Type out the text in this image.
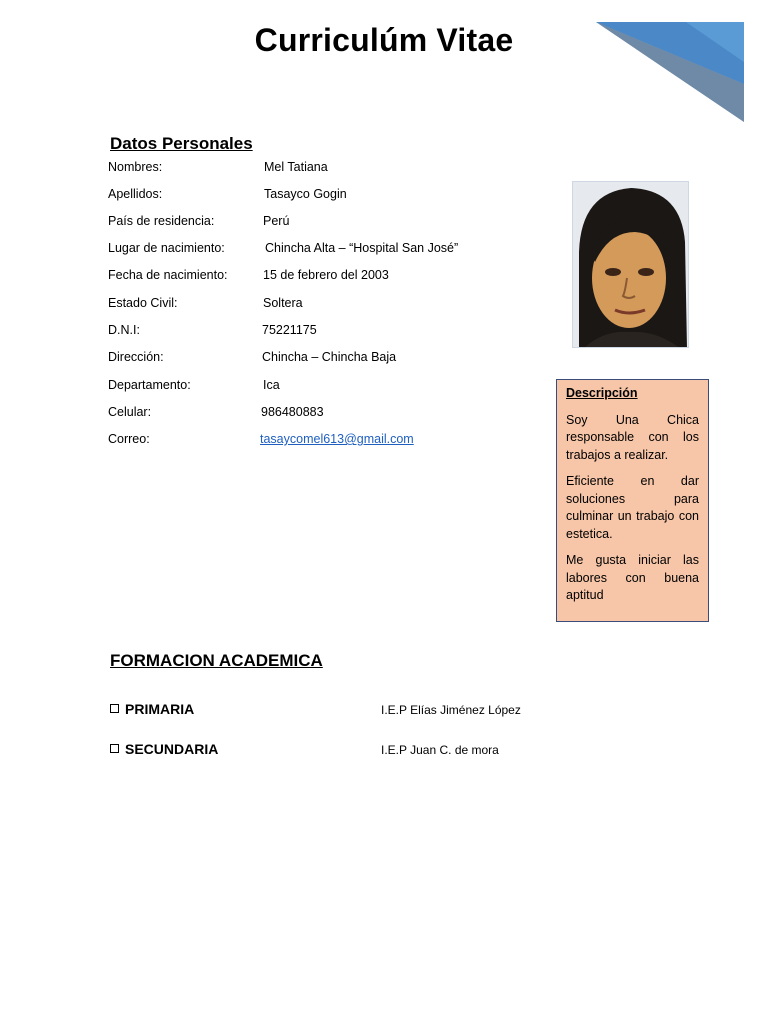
Curriculúm Vitae
Datos Personales
Nombres:	Mel Tatiana
Apellidos:	Tasayco Gogin
País de residencia:	Perú
Lugar de nacimiento:	Chincha Alta – “Hospital San José”
Fecha de nacimiento:	15 de febrero del 2003
Estado Civil:	Soltera
D.N.I:	75221175
Dirección:	Chincha – Chincha Baja
Departamento:	Ica
Celular:	986480883
Correo:	tasaycomel613@gmail.com
Descripción

Soy Una Chica responsable con los trabajos a realizar.

Eficiente en dar soluciones para culminar un trabajo con estetica.

Me gusta iniciar las labores con buena aptitud

FORMACION ACADEMICA
PRIMARIA	I.E.P Elías Jiménez López
SECUNDARIA	I.E.P Juan C. de mora
